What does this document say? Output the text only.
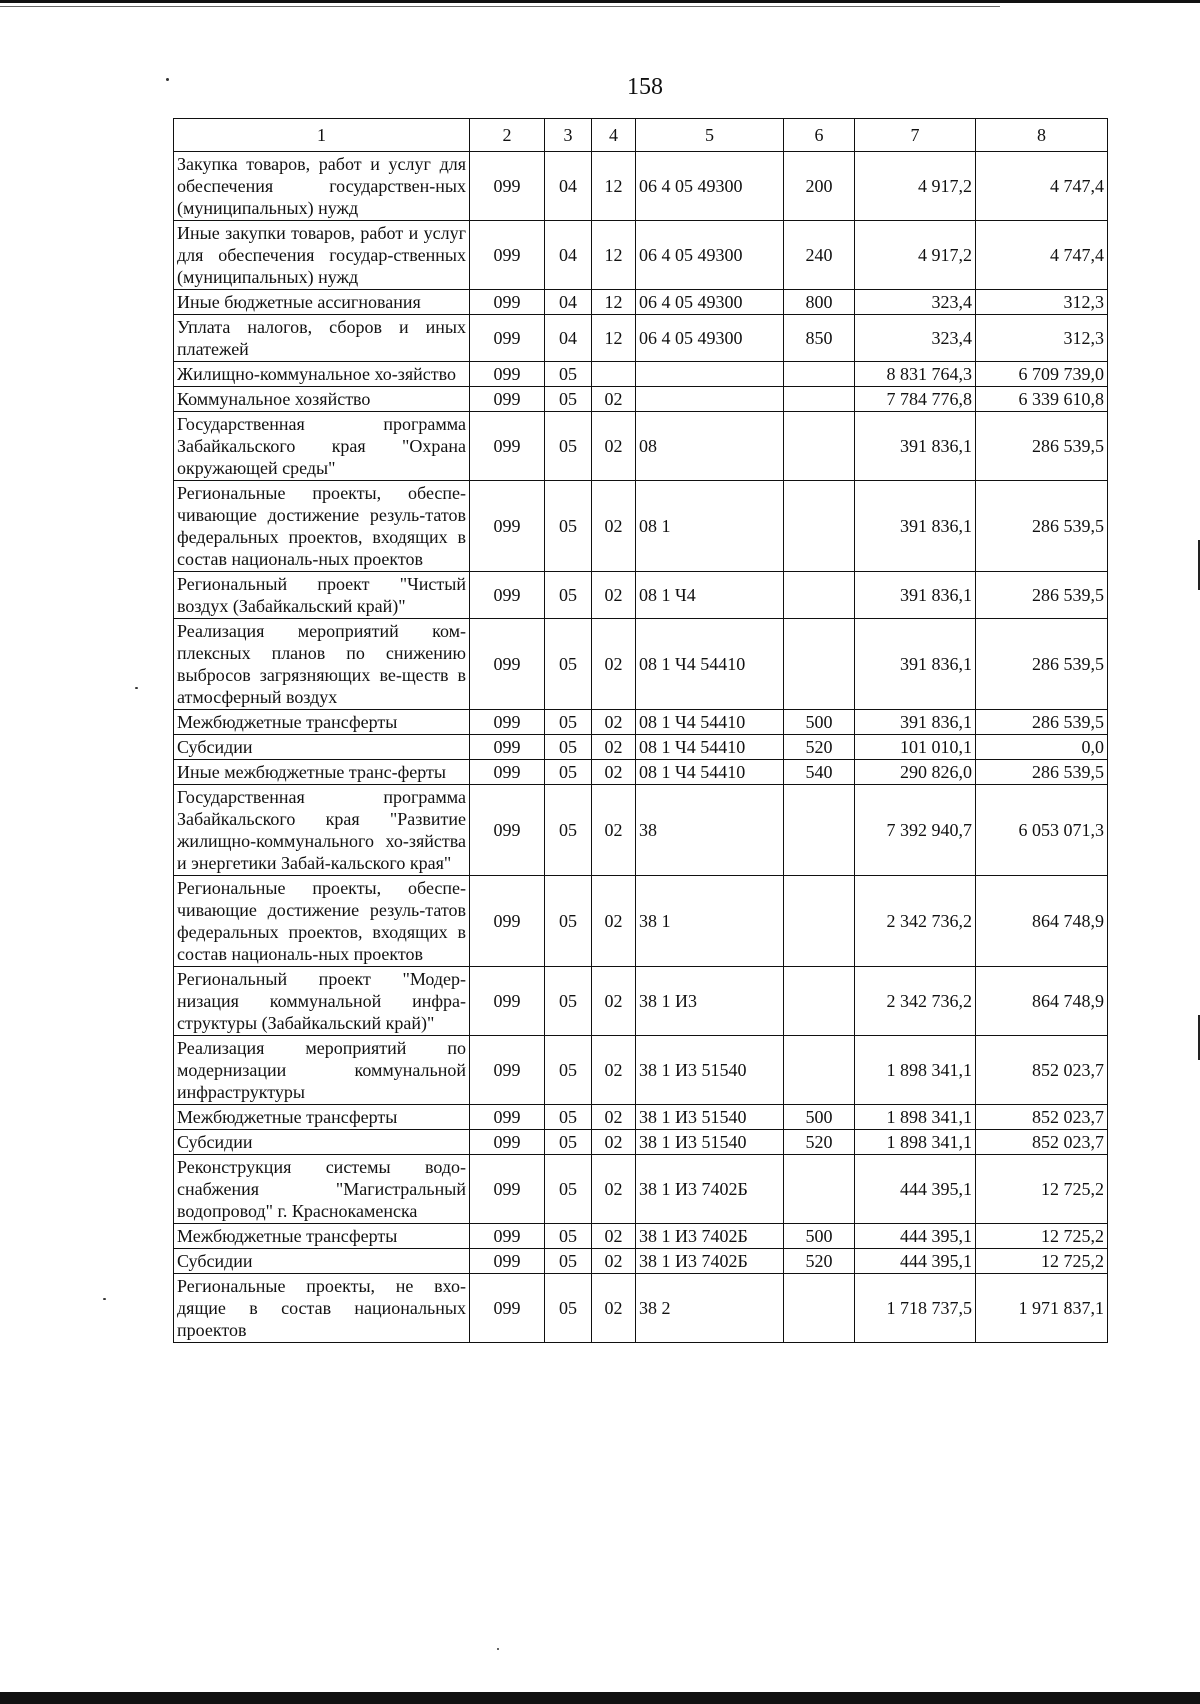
158
1	2	3	4	5	6	7	8
Закупка товаров, работ и услуг для обеспечения государствен-ных (муниципальных) нужд	099	04	12	06 4 05 49300	200	4 917,2	4 747,4
Иные закупки товаров, работ и услуг для обеспечения государ-ственных (муниципальных) нужд	099	04	12	06 4 05 49300	240	4 917,2	4 747,4
Иные бюджетные ассигнования	099	04	12	06 4 05 49300	800	323,4	312,3
Уплата налогов, сборов и иных платежей	099	04	12	06 4 05 49300	850	323,4	312,3
Жилищно-коммунальное хо-зяйство	099	05				8 831 764,3	6 709 739,0
Коммунальное хозяйство	099	05	02			7 784 776,8	6 339 610,8
Государственная программа Забайкальского края "Охрана окружающей среды"	099	05	02	08		391 836,1	286 539,5
Региональные проекты, обеспе-чивающие достижение резуль-татов федеральных проектов, входящих в состав националь-ных проектов	099	05	02	08 1		391 836,1	286 539,5
Региональный проект "Чистый воздух (Забайкальский край)"	099	05	02	08 1 Ч4		391 836,1	286 539,5
Реализация мероприятий ком-плексных планов по снижению выбросов загрязняющих ве-ществ в атмосферный воздух	099	05	02	08 1 Ч4 54410		391 836,1	286 539,5
Межбюджетные трансферты	099	05	02	08 1 Ч4 54410	500	391 836,1	286 539,5
Субсидии	099	05	02	08 1 Ч4 54410	520	101 010,1	0,0
Иные межбюджетные транс-ферты	099	05	02	08 1 Ч4 54410	540	290 826,0	286 539,5
Государственная программа Забайкальского края "Развитие жилищно-коммунального хо-зяйства и энергетики Забай-кальского края"	099	05	02	38		7 392 940,7	6 053 071,3
Региональные проекты, обеспе-чивающие достижение резуль-татов федеральных проектов, входящих в состав националь-ных проектов	099	05	02	38 1		2 342 736,2	864 748,9
Региональный проект "Модер-низация коммунальной инфра-структуры (Забайкальский край)"	099	05	02	38 1 И3		2 342 736,2	864 748,9
Реализация мероприятий по модернизации коммунальной инфраструктуры	099	05	02	38 1 И3 51540		1 898 341,1	852 023,7
Межбюджетные трансферты	099	05	02	38 1 И3 51540	500	1 898 341,1	852 023,7
Субсидии	099	05	02	38 1 И3 51540	520	1 898 341,1	852 023,7
Реконструкция системы водо-снабжения "Магистральный водопровод" г. Краснокаменска	099	05	02	38 1 И3 7402Б		444 395,1	12 725,2
Межбюджетные трансферты	099	05	02	38 1 И3 7402Б	500	444 395,1	12 725,2
Субсидии	099	05	02	38 1 И3 7402Б	520	444 395,1	12 725,2
Региональные проекты, не вхо-дящие в состав национальных проектов	099	05	02	38 2		1 718 737,5	1 971 837,1
